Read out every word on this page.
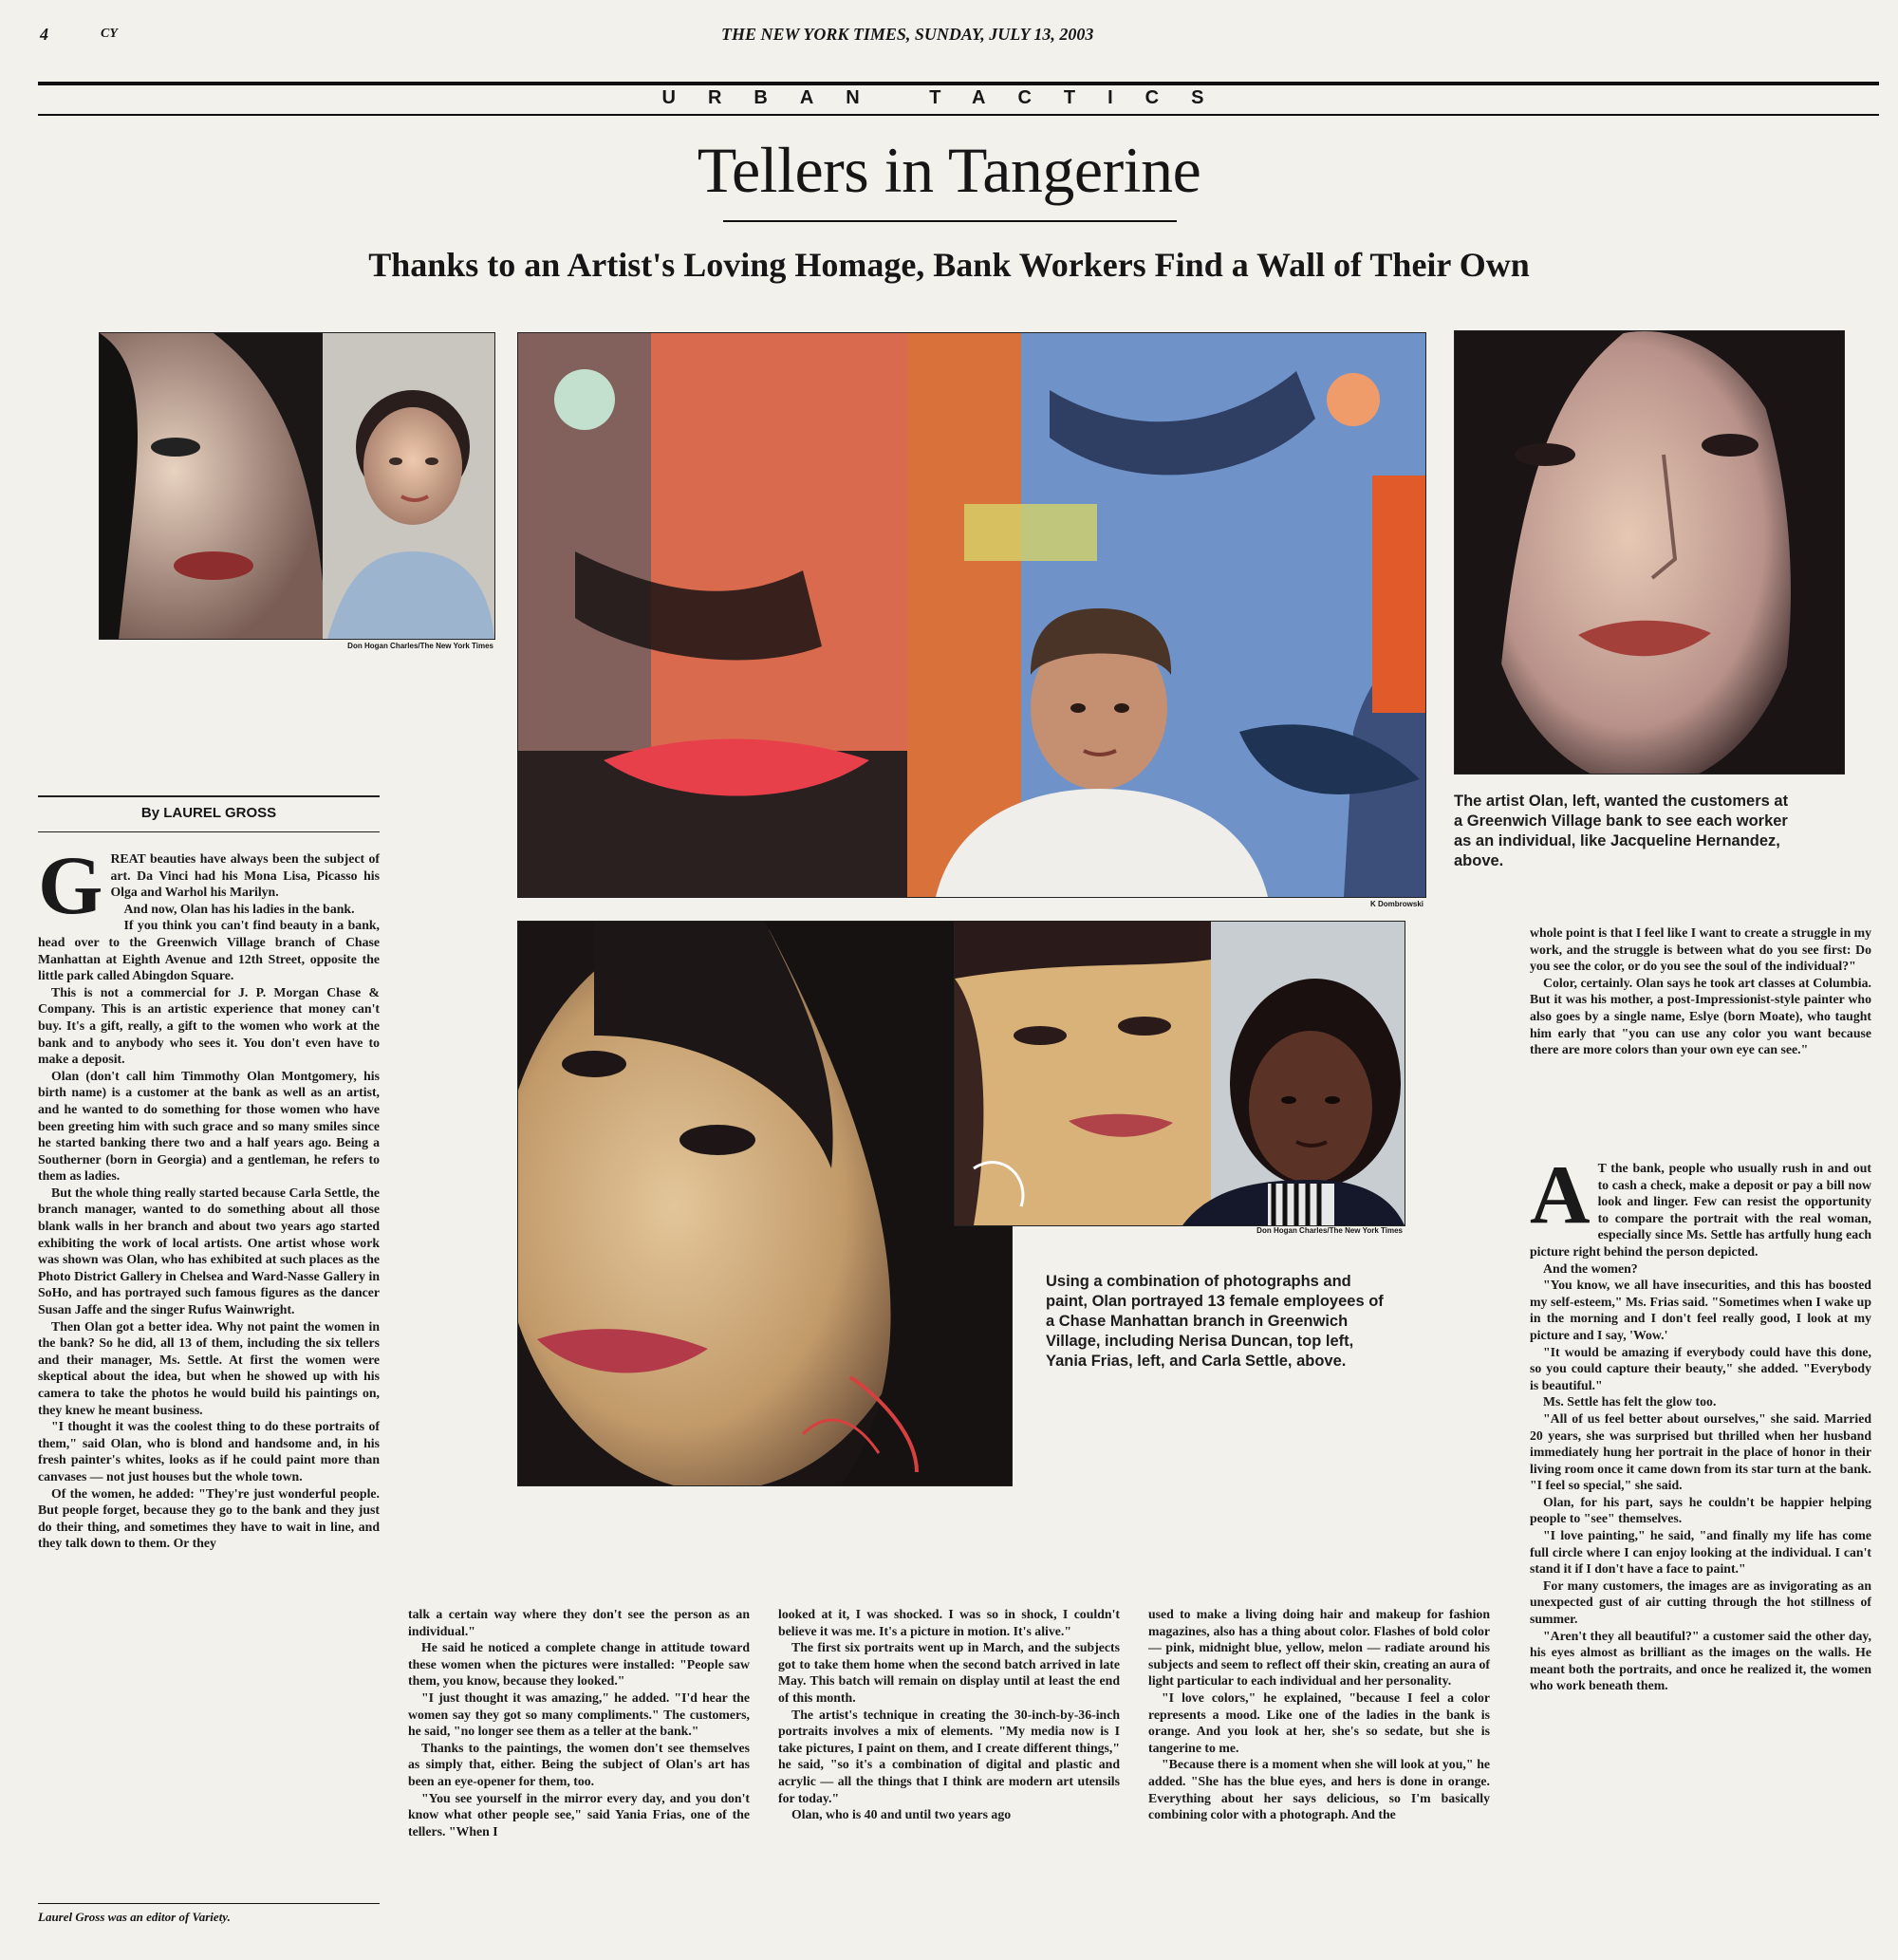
4	CY	THE NEW YORK TIMES, SUNDAY, JULY 13, 2003
URBAN TACTICS
Tellers in Tangerine
Thanks to an Artist's Loving Homage, Bank Workers Find a Wall of Their Own
Don Hogan Charles/The New York Times
K Dombrowski
The artist Olan, left, wanted the customers at a Greenwich Village bank to see each worker as an individual, like Jacqueline Hernandez, above.
Don Hogan Charles/The New York Times
Using a combination of photographs and paint, Olan portrayed 13 female employees of a Chase Manhattan branch in Greenwich Village, including Nerisa Duncan, top left, Yania Frias, left, and Carla Settle, above.
By LAUREL GROSS
G REAT beauties have always been the subject of art. Da Vinci had his Mona Lisa, Picasso his Olga and Warhol his Marilyn.

And now, Olan has his ladies in the bank.

If you think you can't find beauty in a bank, head over to the Greenwich Village branch of Chase Manhattan at Eighth Avenue and 12th Street, opposite the little park called Abingdon Square.

This is not a commercial for J. P. Morgan Chase & Company. This is an artistic experience that money can't buy. It's a gift, really, a gift to the women who work at the bank and to anybody who sees it. You don't even have to make a deposit.

Olan (don't call him Timmothy Olan Montgomery, his birth name) is a customer at the bank as well as an artist, and he wanted to do something for those women who have been greeting him with such grace and so many smiles since he started banking there two and a half years ago. Being a Southerner (born in Georgia) and a gentleman, he refers to them as ladies.

But the whole thing really started because Carla Settle, the branch manager, wanted to do something about all those blank walls in her branch and about two years ago started exhibiting the work of local artists. One artist whose work was shown was Olan, who has exhibited at such places as the Photo District Gallery in Chelsea and Ward-Nasse Gallery in SoHo, and has portrayed such famous figures as the dancer Susan Jaffe and the singer Rufus Wainwright.

Then Olan got a better idea. Why not paint the women in the bank? So he did, all 13 of them, including the six tellers and their manager, Ms. Settle. At first the women were skeptical about the idea, but when he showed up with his camera to take the photos he would build his paintings on, they knew he meant business.

"I thought it was the coolest thing to do these portraits of them," said Olan, who is blond and handsome and, in his fresh painter's whites, looks as if he could paint more than canvases — not just houses but the whole town.

Of the women, he added: "They're just wonderful people. But people forget, because they go to the bank and they just do their thing, and sometimes they have to wait in line, and they talk down to them. Or they

Laurel Gross was an editor of Variety.

talk a certain way where they don't see the person as an individual."

He said he noticed a complete change in attitude toward these women when the pictures were installed: "People saw them, you know, because they looked."

"I just thought it was amazing," he added. "I'd hear the women say they got so many compliments." The customers, he said, "no longer see them as a teller at the bank."

Thanks to the paintings, the women don't see themselves as simply that, either. Being the subject of Olan's art has been an eye-opener for them, too.

"You see yourself in the mirror every day, and you don't know what other people see," said Yania Frias, one of the tellers. "When I

looked at it, I was shocked. I was so in shock, I couldn't believe it was me. It's a picture in motion. It's alive."

The first six portraits went up in March, and the subjects got to take them home when the second batch arrived in late May. This batch will remain on display until at least the end of this month.

The artist's technique in creating the 30-inch-by-36-inch portraits involves a mix of elements. "My media now is I take pictures, I paint on them, and I create different things," he said, "so it's a combination of digital and plastic and acrylic — all the things that I think are modern art utensils for today."

Olan, who is 40 and until two years ago

used to make a living doing hair and makeup for fashion magazines, also has a thing about color. Flashes of bold color — pink, midnight blue, yellow, melon — radiate around his subjects and seem to reflect off their skin, creating an aura of light particular to each individual and her personality.

"I love colors," he explained, "because I feel a color represents a mood. Like one of the ladies in the bank is orange. And you look at her, she's so sedate, but she is tangerine to me.

"Because there is a moment when she will look at you," he added. "She has the blue eyes, and hers is done in orange. Everything about her says delicious, so I'm basically combining color with a photograph. And the

whole point is that I feel like I want to create a struggle in my work, and the struggle is between what do you see first: Do you see the color, or do you see the soul of the individual?"

Color, certainly. Olan says he took art classes at Columbia. But it was his mother, a post-Impressionist-style painter who also goes by a single name, Eslye (born Moate), who taught him early that "you can use any color you want because there are more colors than your own eye can see."

A T the bank, people who usually rush in and out to cash a check, make a deposit or pay a bill now look and linger. Few can resist the opportunity to compare the portrait with the real woman, especially since Ms. Settle has artfully hung each picture right behind the person depicted.

And the women?

"You know, we all have insecurities, and this has boosted my self-esteem," Ms. Frias said. "Sometimes when I wake up in the morning and I don't feel really good, I look at my picture and I say, 'Wow.'

"It would be amazing if everybody could have this done, so you could capture their beauty," she added. "Everybody is beautiful."

Ms. Settle has felt the glow too.

"All of us feel better about ourselves," she said. Married 20 years, she was surprised but thrilled when her husband immediately hung her portrait in the place of honor in their living room once it came down from its star turn at the bank. "I feel so special," she said.

Olan, for his part, says he couldn't be happier helping people to "see" themselves.

"I love painting," he said, "and finally my life has come full circle where I can enjoy looking at the individual. I can't stand it if I don't have a face to paint."

For many customers, the images are as invigorating as an unexpected gust of air cutting through the hot stillness of summer.

"Aren't they all beautiful?" a customer said the other day, his eyes almost as brilliant as the images on the walls. He meant both the portraits, and once he realized it, the women who work beneath them.
